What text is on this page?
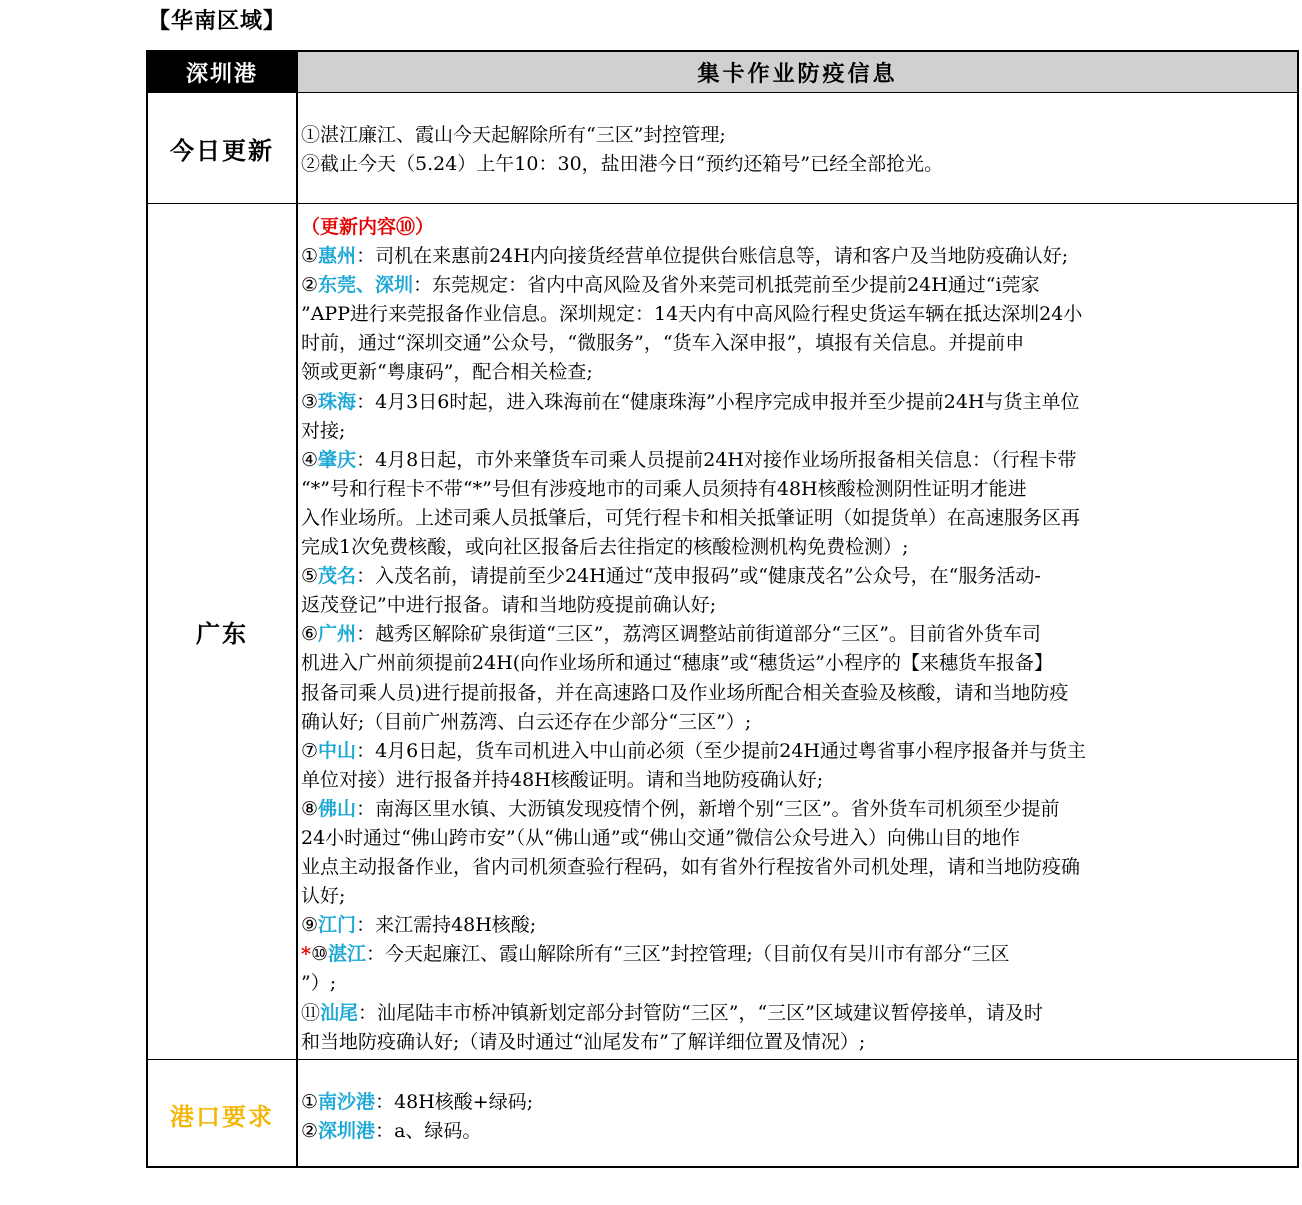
【华南区域】
深圳港	集卡作业防疫信息
今日更新
①湛江廉江、霞山今天起解除所有“三区”封控管理;
②截止今天（5.24）上午10：30，盐田港今日“预约还箱号”已经全部抢光。
广东
（更新内容⑩）
①惠州：司机在来惠前24H内向接货经营单位提供台账信息等，请和客户及当地防疫确认好;
②东莞、深圳：东莞规定：省内中高风险及省外来莞司机抵莞前至少提前24H通过“i莞家
”APP进行来莞报备作业信息。深圳规定：14天内有中高风险行程史货运车辆在抵达深圳24小
时前，通过“深圳交通”公众号，“微服务”，“货车入深申报”，填报有关信息。并提前申
领或更新“粤康码”，配合相关检查;
③珠海：4月3日6时起，进入珠海前在“健康珠海”小程序完成申报并至少提前24H与货主单位
对接;
④肇庆：4月8日起，市外来肇货车司乘人员提前24H对接作业场所报备相关信息：（行程卡带
“*”号和行程卡不带“*”号但有涉疫地市的司乘人员须持有48H核酸检测阴性证明才能进
入作业场所。上述司乘人员抵肇后，可凭行程卡和相关抵肇证明（如提货单）在高速服务区再
完成1次免费核酸，或向社区报备后去往指定的核酸检测机构免费检测）;
⑤茂名：入茂名前，请提前至少24H通过“茂申报码”或“健康茂名”公众号，在“服务活动-
返茂登记”中进行报备。请和当地防疫提前确认好;
⑥广州：越秀区解除矿泉街道“三区”，荔湾区调整站前街道部分“三区”。目前省外货车司
机进入广州前须提前24H(向作业场所和通过“穗康”或“穗货运”小程序的【来穗货车报备】
报备司乘人员)进行提前报备，并在高速路口及作业场所配合相关查验及核酸，请和当地防疫
确认好;（目前广州荔湾、白云还存在少部分“三区”）;
⑦中山：4月6日起，货车司机进入中山前必须（至少提前24H通过粤省事小程序报备并与货主
单位对接）进行报备并持48H核酸证明。请和当地防疫确认好;
⑧佛山：南海区里水镇、大沥镇发现疫情个例，新增个别“三区”。省外货车司机须至少提前
24小时通过“佛山跨市安”（从“佛山通”或“佛山交通”微信公众号进入）向佛山目的地作
业点主动报备作业，省内司机须查验行程码，如有省外行程按省外司机处理，请和当地防疫确
认好;
⑨江门：来江需持48H核酸;
*⑩湛江：今天起廉江、霞山解除所有“三区”封控管理;（目前仅有吴川市有部分“三区
”）;
⑪汕尾：汕尾陆丰市桥冲镇新划定部分封管防“三区”，“三区”区域建议暂停接单，请及时
和当地防疫确认好;（请及时通过“汕尾发布”了解详细位置及情况）;
港口要求	①南沙港：48H核酸+绿码;
②深圳港：a、绿码。
